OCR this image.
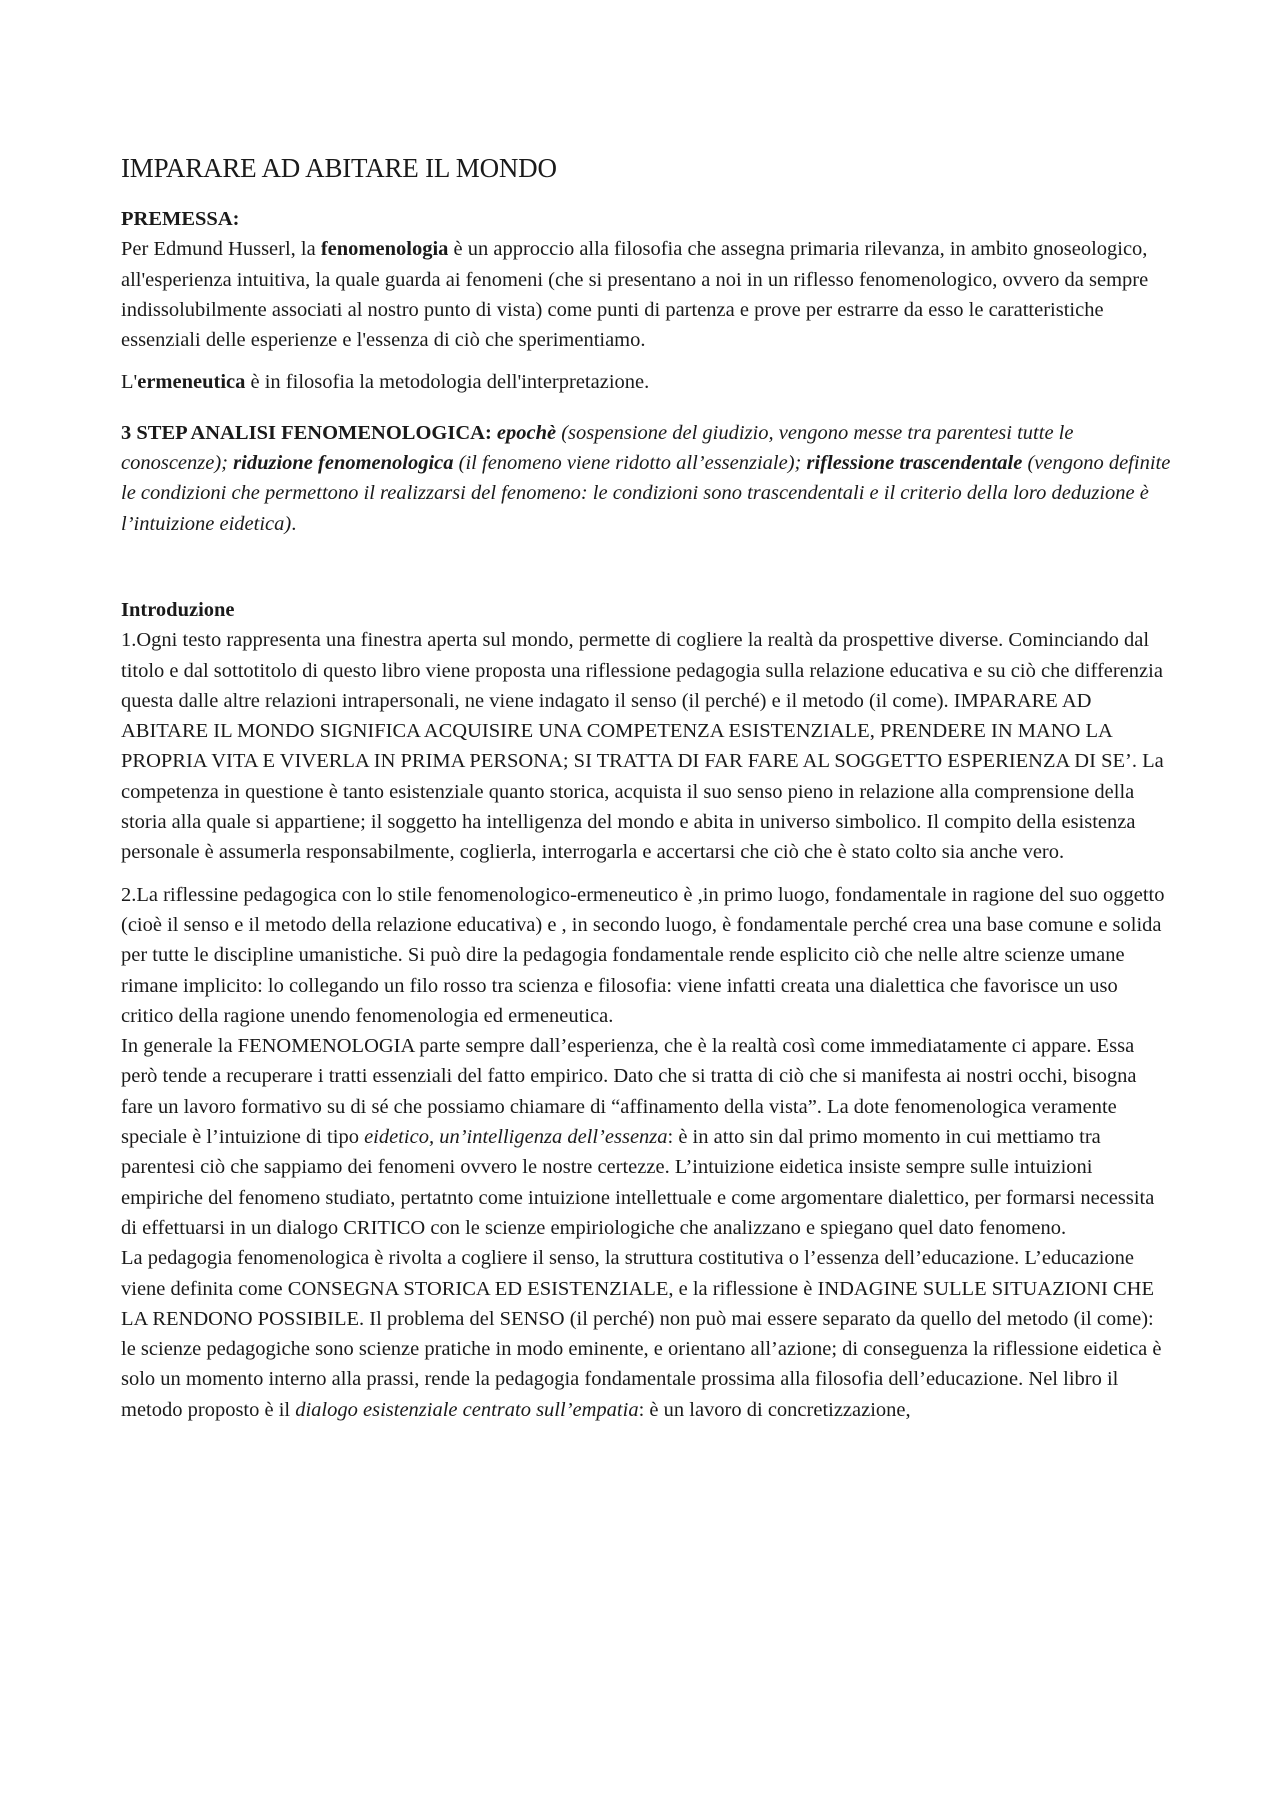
IMPARARE AD ABITARE IL MONDO

PREMESSA:

Per Edmund Husserl, la fenomenologia è un approccio alla filosofia che assegna primaria rilevanza, in ambito gnoseologico, all'esperienza intuitiva, la quale guarda ai fenomeni (che si presentano a noi in un riflesso fenomenologico, ovvero da sempre indissolubilmente associati al nostro punto di vista) come punti di partenza e prove per estrarre da esso le caratteristiche essenziali delle esperienze e l'essenza di ciò che sperimentiamo.

L'ermeneutica è in filosofia la metodologia dell'interpretazione.

3 STEP ANALISI FENOMENOLOGICA: epochè (sospensione del giudizio, vengono messe tra parentesi tutte le conoscenze); riduzione fenomenologica (il fenomeno viene ridotto all’essenziale); riflessione trascendentale (vengono definite le condizioni che permettono il realizzarsi del fenomeno: le condizioni sono trascendentali e il criterio della loro deduzione è l’intuizione eidetica).

Introduzione

1.Ogni testo rappresenta una finestra aperta sul mondo, permette di cogliere la realtà da prospettive diverse. Cominciando dal titolo e dal sottotitolo di questo libro viene proposta una riflessione pedagogia sulla relazione educativa e su ciò che differenzia questa dalle altre relazioni intrapersonali, ne viene indagato il senso (il perché) e il metodo (il come). IMPARARE AD ABITARE IL MONDO SIGNIFICA ACQUISIRE UNA COMPETENZA ESISTENZIALE, PRENDERE IN MANO LA PROPRIA VITA E VIVERLA IN PRIMA PERSONA; SI TRATTA DI FAR FARE AL SOGGETTO ESPERIENZA DI SE’. La competenza in questione è tanto esistenziale quanto storica, acquista il suo senso pieno in relazione alla comprensione della storia alla quale si appartiene; il soggetto ha intelligenza del mondo e abita in universo simbolico. Il compito della esistenza personale è assumerla responsabilmente, coglierla, interrogarla e accertarsi che ciò che è stato colto sia anche vero.

2.La riflessine pedagogica con lo stile fenomenologico-ermeneutico è ,in primo luogo, fondamentale in ragione del suo oggetto (cioè il senso e il metodo della relazione educativa) e , in secondo luogo, è fondamentale perché crea una base comune e solida per tutte le discipline umanistiche. Si può dire la pedagogia fondamentale rende esplicito ciò che nelle altre scienze umane rimane implicito: lo collegando un filo rosso tra scienza e filosofia: viene infatti creata una dialettica che favorisce un uso critico della ragione unendo fenomenologia ed ermeneutica.

In generale la FENOMENOLOGIA parte sempre dall’esperienza, che è la realtà così come immediatamente ci appare. Essa però tende a recuperare i tratti essenziali del fatto empirico. Dato che si tratta di ciò che si manifesta ai nostri occhi, bisogna fare un lavoro formativo su di sé che possiamo chiamare di “affinamento della vista”. La dote fenomenologica veramente speciale è l’intuizione di tipo eidetico, un’intelligenza dell’essenza: è in atto sin dal primo momento in cui mettiamo tra parentesi ciò che sappiamo dei fenomeni ovvero le nostre certezze. L’intuizione eidetica insiste sempre sulle intuizioni empiriche del fenomeno studiato, pertatnto come intuizione intellettuale e come argomentare dialettico, per formarsi necessita di effettuarsi in un dialogo CRITICO con le scienze empiriologiche che analizzano e spiegano quel dato fenomeno.

La pedagogia fenomenologica è rivolta a cogliere il senso, la struttura costitutiva o l’essenza dell’educazione. L’educazione viene definita come CONSEGNA STORICA ED ESISTENZIALE, e la riflessione è INDAGINE SULLE SITUAZIONI CHE LA RENDONO POSSIBILE. Il problema del SENSO (il perché) non può mai essere separato da quello del metodo (il come): le scienze pedagogiche sono scienze pratiche in modo eminente, e orientano all’azione; di conseguenza la riflessione eidetica è solo un momento interno alla prassi, rende la pedagogia fondamentale prossima alla filosofia dell’educazione. Nel libro il metodo proposto è il dialogo esistenziale centrato sull’empatia: è un lavoro di concretizzazione,
